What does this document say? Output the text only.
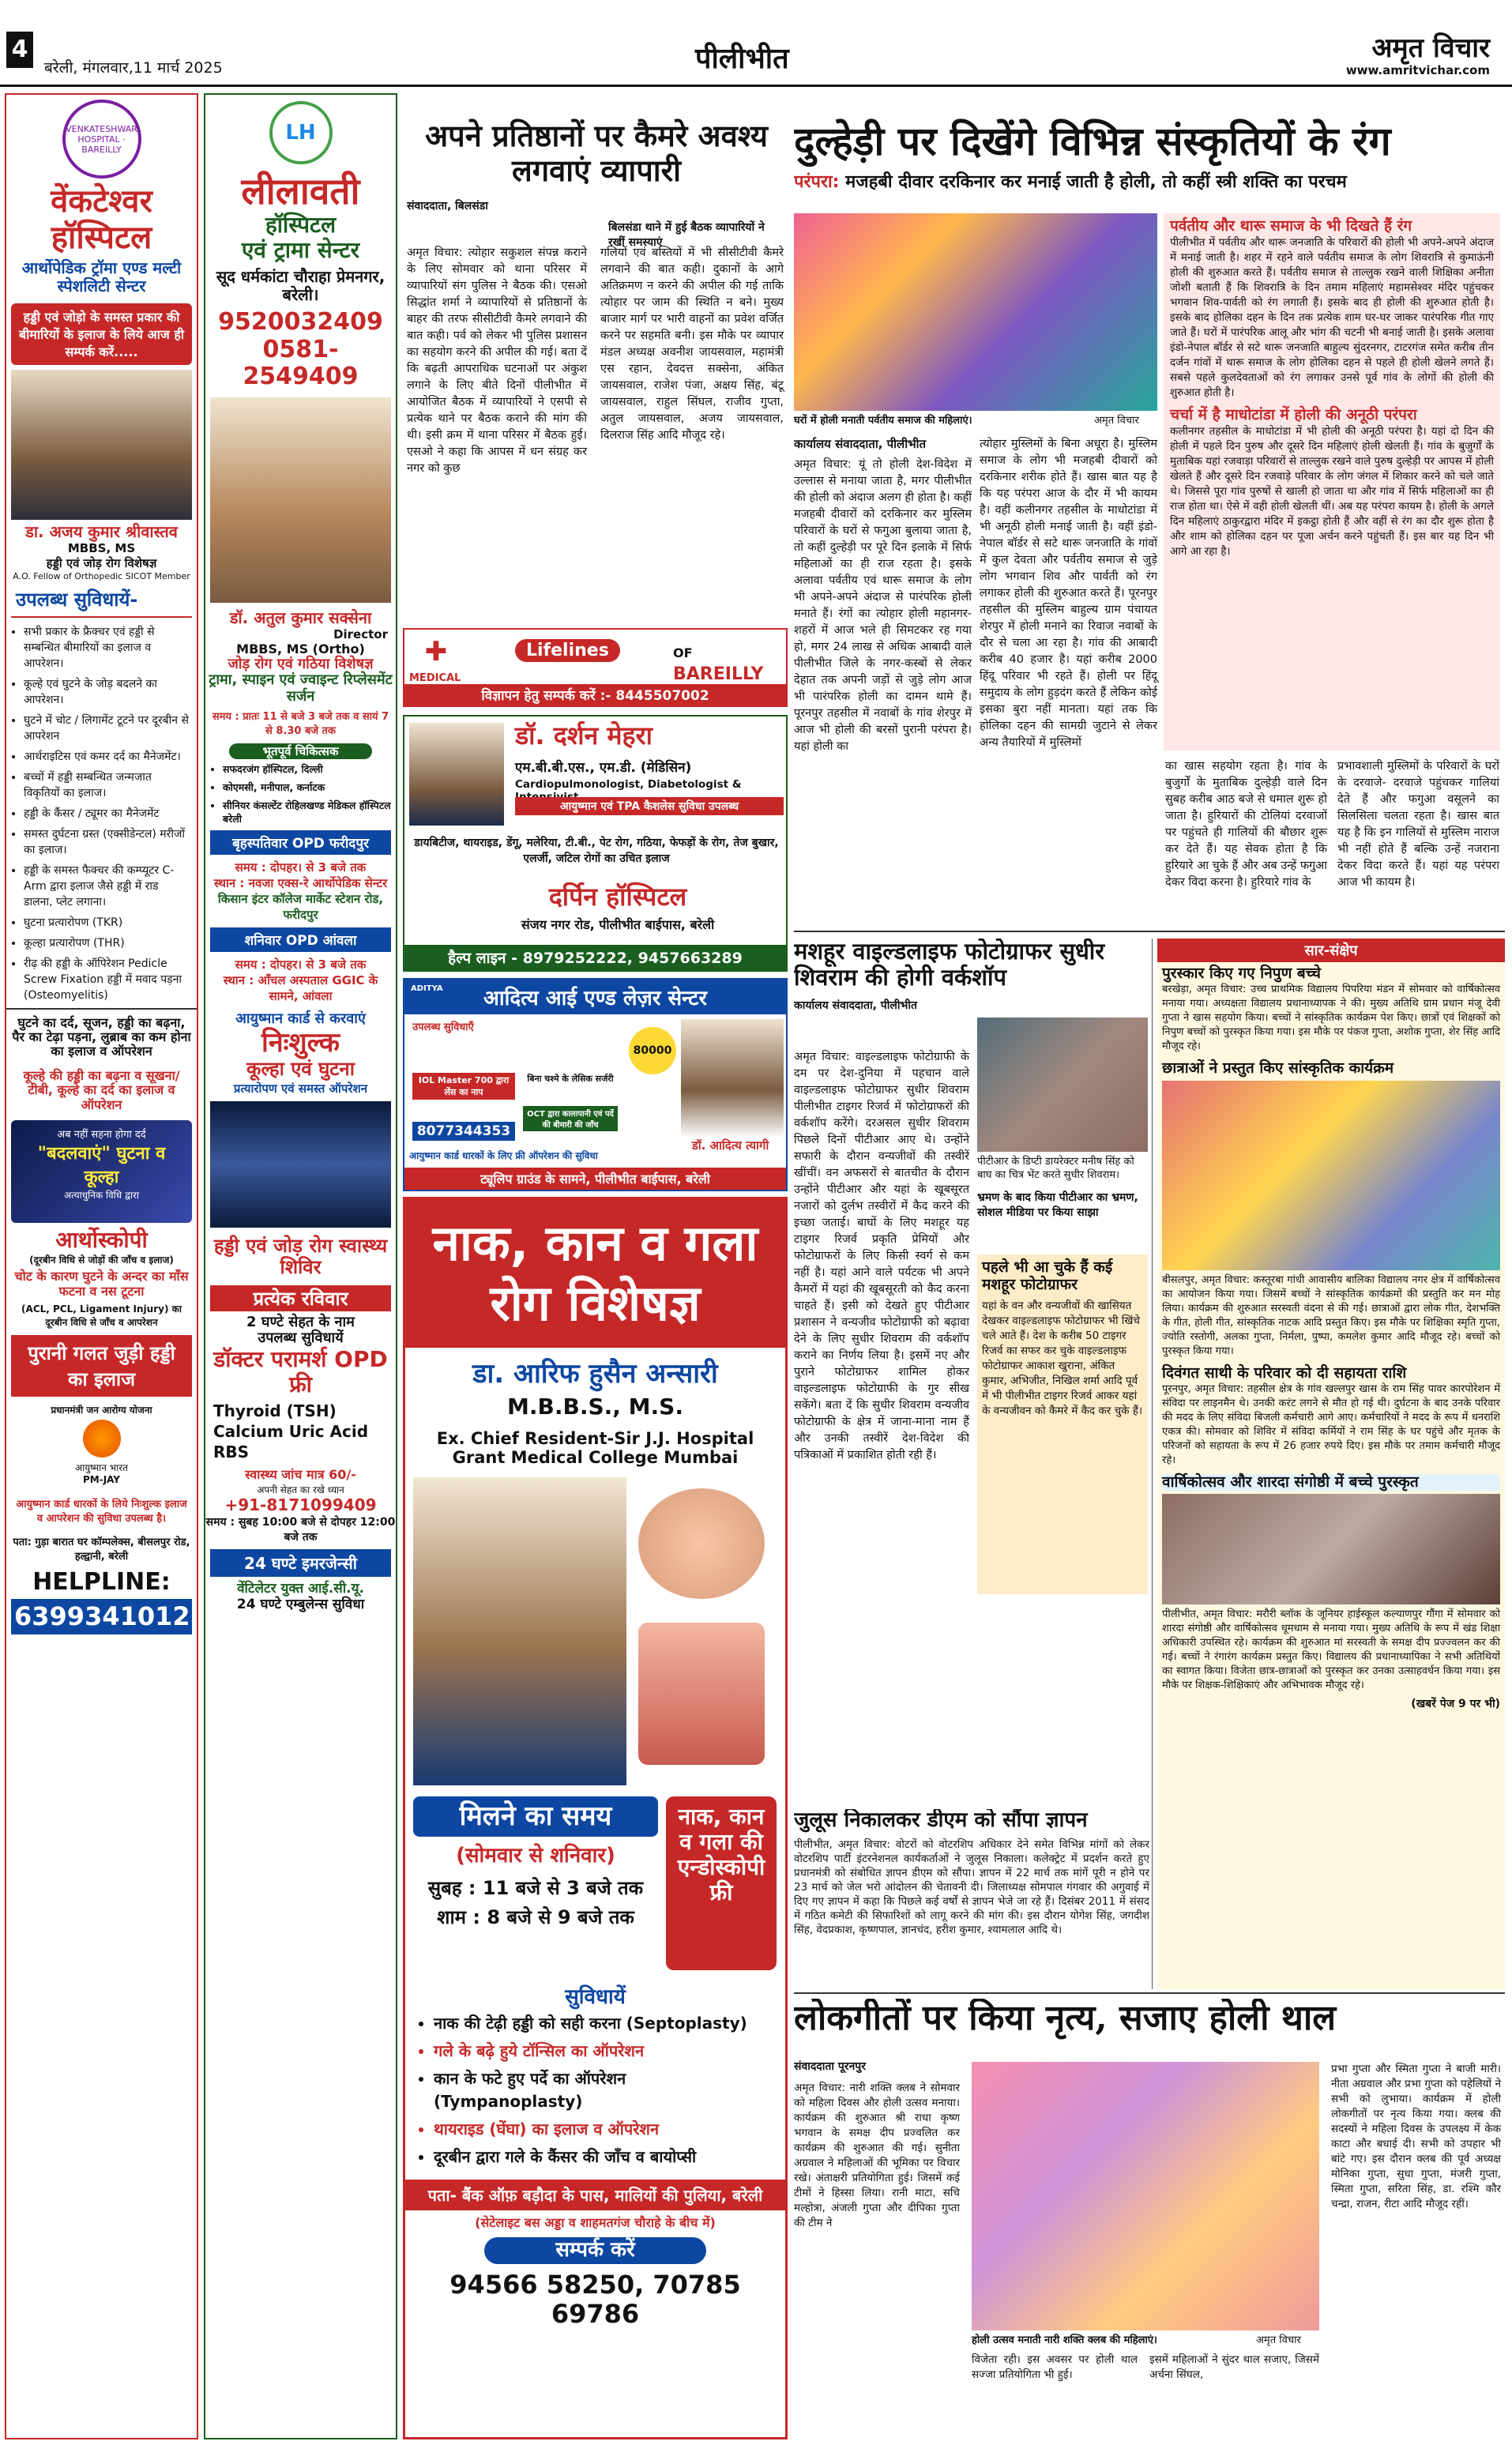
4
बरेली, मंगलवार,11 मार्च 2025	पीलीभीत	अमृत विचार
www.amritvichar.com
VENKATESHWAR HOSPITAL · BAREILLY
वेंकटेश्वर हॉस्पिटल
आर्थोपेडिक ट्रॉमा एण्ड मल्टी स्पेशलिटी सेन्टर
हड्डी एवं जोड़ो के समस्त प्रकार की बीमारियों के इलाज के लिये आज ही सम्पर्क करें.....
डा. अजय कुमार श्रीवास्तव
MBBS, MS
हड्डी एवं जोड़ रोग विशेषज्ञ
A.O. Fellow of Orthopedic SICOT Member
उपलब्ध सुविधायें-
• सभी प्रकार के फ्रैक्चर एवं हड्डी से सम्बन्धित बीमारियों का इलाज व आपरेशन।
• कूल्हे एवं घुटने के जोड़ बदलने का आपरेशन।
• घुटने में चोट / लिगामेंट टूटने पर दूरबीन से आपरेशन
• आर्थराइटिस एवं कमर दर्द का मैनेजमेंट।
• बच्चों में हड्डी सम्बन्धित जन्मजात विकृतियों का इलाज।
• हड्डी के कैंसर / ट्यूमर का मैनेजमेंट
• समस्त दुर्घटना ग्रस्त (एक्सीडेन्टल) मरीजों का इलाज।
• हड्डी के समस्त फैक्चर की कम्प्यूटर C-Arm द्वारा इलाज जैसे हड्डी में राड डालना, प्लेट लगाना।
• घुटना प्रत्यारोपण (TKR)
• कूल्हा प्रत्यारोपण (THR)
• रीढ़ की हड्डी के ऑपिरेशन Pedicle Screw Fixation हड्डी में मवाद पड़ना (Osteomyelitis)
घुटने का दर्द, सूजन, हड्डी का बढ़ना, पैर का टेढ़ा पड़ना, लुब्राब का कम होना का इलाज व ऑपरेशन
कूल्हे की हड्डी का बढ़ना व सूखना/ टीबी, कूल्हे का दर्द का इलाज व ऑपरेशन
अब नहीं सहना होगा दर्द
"बदलवाएं" घुटना व कूल्हा
अत्याधुनिक विधि द्वारा
आर्थोस्कोपी
(दूरबीन विधि से जोड़ों की जाँच व इलाज)
चोट के कारण घुटने के अन्दर का माँस फटना व नस टूटना
(ACL, PCL, Ligament Injury) का दूरबीन विधि से जाँच व आपरेशन
पुरानी गलत जुड़ी हड्डी का इलाज
प्रधानमंत्री जन आरोग्य योजना
आयुष्मान भारत
PM-JAY
आयुष्मान कार्ड धारकों के लिये निःशुल्क इलाज व आपरेशन की सुविधा उपलब्ध है।
पता: गुड़ा बारात घर कॉम्पलेक्स, बीसलपुर रोड, हल्द्वानी, बरेली
HELPLINE:
6399341012
LH
लीलावती
हॉस्पिटल
एवं ट्रामा सेन्टर
सूद धर्मकांटा चौराहा प्रेमनगर, बरेली।
9520032409
0581-2549409
डॉ. अतुल कुमार सक्सेना
Director
MBBS, MS (Ortho)
जोड़ रोग एवं गठिया विशेषज्ञ
ट्रामा, स्पाइन एवं ज्वाइन्ट रिप्लेसमेंट सर्जन
समय : प्रातः 11 से बजे 3 बजे तक व सायं 7 से 8.30 बजे तक
भूतपूर्व चिकित्सक
• सफदरजंग हॉस्पिटल, दिल्ली
• कोएमसी, मनीपाल, कर्नाटक
• सीनियर कंसल्टेंट रोहिलखण्ड मेडिकल हॉस्पिटल बरेली
बृहस्पतिवार OPD फरीदपुर
समय : दोपहर। से 3 बजे तक
स्थान : नवजा एक्स-रे आर्थोपेडिक सेन्टर
किसान इंटर कॉलेज मार्केट स्टेशन रोड, फरीदपुर
शनिवार OPD आंवला
समय : दोपहर। से 3 बजे तक
स्थान : आँचल अस्पताल GGIC के सामने, आंवला
आयुष्मान कार्ड से करवाएं
निःशुल्क
कूल्हा एवं घुटना
प्रत्यारोपण एवं समस्त ऑपरेशन
हड्डी एवं जोड़ रोग स्वास्थ्य शिविर
प्रत्येक रविवार
2 घण्टे सेहत के नाम
उपलब्ध सुविधायें
डॉक्टर परामर्श OPD फ्री
Thyroid (TSH) Calcium Uric Acid RBS
स्वास्थ्य जांच मात्र 60/-
अपनी सेहत का रखे ध्यान
+91-8171099409
समय : सुबह 10:00 बजे से दोपहर 12:00 बजे तक
24 घण्टे इमरजेन्सी
वेंटिलेटर युक्त आई.सी.यू.
24 घण्टे एम्बुलेन्स सुविधा
अपने प्रतिष्ठानों पर कैमरे अवश्य लगवाएं व्यापारी
संवाददाता, बिलसंडा
बिलसंडा थाने में हुई बैठक व्यापारियों ने रखीं समस्याएं
अमृत विचार: त्योहार सकुशल संपन्न कराने के लिए सोमवार को थाना परिसर में व्यापारियों संग पुलिस ने बैठक की। एसओ सिद्धांत शर्मा ने व्यापारियों से प्रतिष्ठानों के बाहर की तरफ सीसीटीवी कैमरे लगवाने की बात कही। पर्व को लेकर भी पुलिस प्रशासन का सहयोग करने की अपील की गई। बता दें कि बढ़ती आपराधिक घटनाओं पर अंकुश लगाने के लिए बीते दिनों पीलीभीत में आयोजित बैठक में व्यापारियों ने एसपी से प्रत्येक थाने पर बैठक कराने की मांग की थी। इसी क्रम में थाना परिसर में बैठक हुई। एसओ ने कहा कि आपस में धन संग्रह कर नगर को कुछ
गलियों एवं बस्तियों में भी सीसीटीवी कैमरे लगवाने की बात कही। दुकानों के आगे अतिक्रमण न करने की अपील की गई ताकि त्योहार पर जाम की स्थिति न बने। मुख्य बाजार मार्ग पर भारी वाहनों का प्रवेश वर्जित करने पर सहमति बनी। इस मौके पर व्यापार मंडल अध्यक्ष अवनीश जायसवाल, महामंत्री एस रहान, देवदत्त सक्सेना, अंकित जायसवाल, राजेश पंजा, अक्षय सिंह, बंटू जायसवाल, राहुल सिंघल, राजीव गुप्ता, अतुल जायसवाल, अजय जायसवाल, दिलराज सिंह आदि मौजूद रहे।
✚
MEDICAL
Lifelines	OF
BAREILLY
विज्ञापन हेतु सम्पर्क करें :- 8445507002
डॉ. दर्शन मेहरा
एम.बी.बी.एस., एम.डी. (मेडिसिन)
Cardiopulmonologist, Diabetologist &
आयुष्मान एवं TPA कैशलेस सुविधा उपलब्ध
डायबिटीज, थायराइड, डेंगू, मलेरिया, टी.बी., पेट रोग, गठिया, फेफड़ों के रोग, तेज बुखार, एलर्जी, जटिल रोगों का उचित इलाज
दर्पिन हॉस्पिटल
संजय नगर रोड, पीलीभीत बाईपास, बरेली
हैल्प लाइन - 8979252222, 9457663289
आदित्य आई एण्ड लेज़र सेन्टर
ADITYA
उपलब्ध सुविधाएँ
IOL Master 700 द्वारा लेंस का नाप
बिना चश्मे के लेसिक सर्जरी
OCT द्वारा कालापानी एवं पर्दे की बीमारी की जाँच
8077344353
80000
डॉ. आदित्य त्यागी
आयुष्मान कार्ड धारकों के लिए फ्री ऑपरेशन की सुविधा
ट्यूलिप ग्राउंड के सामने, पीलीभीत बाईपास, बरेली
नाक, कान व गला
रोग विशेषज्ञ
डा. आरिफ हुसैन अन्सारी
M.B.B.S., M.S.
Ex. Chief Resident-Sir J.J. Hospital Grant Medical College Mumbai
मिलने का समय
(सोमवार से शनिवार)
सुबह : 11 बजे से 3 बजे तक
शाम : 8 बजे से 9 बजे तक
नाक, कान व गला की एन्डोस्कोपी फ्री
सुविधायें
• नाक की टेढ़ी हड्डी को सही करना (Septoplasty)
• गले के बढ़े हुये टॉन्सिल का ऑपरेशन
• कान के फटे हुए पर्दे का ऑपरेशन (Tympanoplasty)
• थायराइड (घेंघा) का इलाज व ऑपरेशन
• दूरबीन द्वारा गले के कैंसर की जाँच व बायोप्सी
पता- बैंक ऑफ़ बड़ौदा के पास, मालियों की पुलिया, बरेली
(सेटेलाइट बस अड्डा व शाहमतगंज चौराहे के बीच में)
सम्पर्क करें
94566 58250, 70785 69786
दुल्हेड़ी पर दिखेंगे विभिन्न संस्कृतियों के रंग
परंपरा: मजहबी दीवार दरकिनार कर मनाई जाती है होली, तो कहीं स्त्री शक्ति का परचम
घरों में होली मनाती पर्वतीय समाज की महिलाएं।	अमृत विचार
कार्यालय संवाददाता, पीलीभीत
अमृत विचार: यूं तो होली देश-विदेश में उल्लास से मनाया जाता है, मगर पीलीभीत की होली को अंदाज अलग ही होता है। कहीं मजहबी दीवारों को दरकिनार कर मुस्लिम परिवारों के घरों से फगुआ बुलाया जाता है, तो कहीं दुल्हेड़ी पर पूरे दिन इलाके में सिर्फ महिलाओं का ही राज रहता है। इसके अलावा पर्वतीय एवं थारू समाज के लोग भी अपने-अपने अंदाज से पारंपरिक होली मनाते हैं। रंगों का त्योहार होली महानगर-शहरों में आज भले ही सिमटकर रह गया हो, मगर 24 लाख से अधिक आबादी वाले पीलीभीत जिले के नगर-कस्बों से लेकर देहात तक अपनी जड़ों से जुड़े लोग आज भी पारंपरिक होली का दामन थामे हैं। पूरनपुर तहसील में नवाबों के गांव शेरपुर में आज भी होली की बरसों पुरानी परंपरा है। यहां होली का
त्योहार मुस्लिमों के बिना अधूरा है। मुस्लिम समाज के लोग भी मजहबी दीवारों को दरकिनार शरीक होते हैं। खास बात यह है कि यह परंपरा आज के दौर में भी कायम है। वहीं कलीनगर तहसील के माधोटांडा में भी अनूठी होली मनाई जाती है। वहीं इंडो-नेपाल बॉर्डर से सटे थारू जनजाति के गांवों में कुल देवता और पर्वतीय समाज से जुड़े लोग भगवान शिव और पार्वती को रंग लगाकर होली की शुरुआत करते हैं। पूरनपुर तहसील की मुस्लिम बाहुल्य ग्राम पंचायत शेरपुर में होली मनाने का रिवाज नवाबों के दौर से चला आ रहा है। गांव की आबादी करीब 40 हजार है। यहां करीब 2000 हिंदू परिवार भी रहते हैं। होली पर हिंदू समुदाय के लोग हुड़दंग करते हैं लेकिन कोई इसका बुरा नहीं मानता। यहां तक कि होलिका दहन की सामग्री जुटाने से लेकर अन्य तैयारियों में मुस्लिमों
का खास सहयोग रहता है। गांव के बुजुर्गों के मुताबिक दुल्हेड़ी वाले दिन सुबह करीब आठ बजे से धमाल शुरू हो जाता है। हुरियारों की टोलियां दरवाजों पर पहुंचते ही गालियों की बौछार शुरू कर देते हैं। यह सेवक होता है कि हुरियारे आ चुके हैं और अब उन्हें फगुआ देकर विदा करना है। हुरियारे गांव के
प्रभावशाली मुस्लिमों के परिवारों के घरों के दरवाजे- दरवाजे पहुंचकर गालियां देते हैं और फगुआ वसूलने का सिलसिला चलता रहता है। खास बात यह है कि इन गालियों से मुस्लिम नाराज भी नहीं होते हैं बल्कि उन्हें नजराना देकर विदा करते हैं। यहां यह परंपरा आज भी कायम है।
पर्वतीय और थारू समाज के भी दिखते हैं रंग
पीलीभीत में पर्वतीय और थारू जनजाति के परिवारों की होली भी अपने-अपने अंदाज में मनाई जाती है। शहर में रहने वाले पर्वतीय समाज के लोग शिवरात्रि से कुमाऊंनी होली की शुरुआत करते हैं। पर्वतीय समाज से ताल्लुक रखने वाली शिक्षिका अनीता जोशी बताती हैं कि शिवरात्रि के दिन तमाम महिलाएं महामसेश्वर मंदिर पहुंचकर भगवान शिव-पार्वती को रंग लगाती हैं। इसके बाद ही होली की शुरुआत होती है। इसके बाद होलिका दहन के दिन तक प्रत्येक शाम घर-घर जाकर पारंपरिक गीत गाए जाते हैं। घरों में पारंपरिक आलू और भांग की चटनी भी बनाई जाती है। इसके अलावा इंडो-नेपाल बॉर्डर से सटे थारू जनजाति बाहुल्य सुंदरनगर, टाटरगंज समेत करीब तीन दर्जन गांवों में थारू समाज के लोग होलिका दहन से पहले ही होली खेलने लगते हैं। सबसे पहले कुलदेवताओं को रंग लगाकर उनसे पूर्व गांव के लोगों की होली की शुरुआत होती है।
चर्चा में है माधोटांडा में होली की अनूठी परंपरा
कलीनगर तहसील के माधोटांडा में भी होली की अनूठी परंपरा है। यहां दो दिन की होली में पहले दिन पुरुष और दूसरे दिन महिलाएं होली खेलती हैं। गांव के बुजुर्गों के मुताबिक यहां रजवाड़ा परिवारों से ताल्लुक रखने वाले पुरुष दुल्हेड़ी पर आपस में होली खेलते हैं और दूसरे दिन रजवाड़े परिवार के लोग जंगल में शिकार करने को चले जाते थे। जिससे पूरा गांव पुरुषों से खाली हो जाता था और गांव में सिर्फ महिलाओं का ही राज होता था। ऐसे में वही होली खेलती थीं। अब यह परंपरा कायम है। होली के अगले दिन महिलाएं ठाकुरद्वारा मंदिर में इकट्ठा होती हैं और वहीं से रंग का दौर शुरू होता है और शाम को होलिका दहन पर पूजा अर्चन करने पहुंचती हैं। इस बार यह दिन भी आगे आ रहा है।
मशहूर वाइल्डलाइफ फोटोग्राफर सुधीर शिवराम की होगी वर्कशॉप
कार्यालय संवाददाता, पीलीभीत
अमृत विचार: वाइल्डलाइफ फोटोग्राफी के दम पर देश-दुनिया में पहचान वाले वाइल्डलाइफ फोटोग्राफर सुधीर शिवराम पीलीभीत टाइगर रिजर्व में फोटोग्राफरों की वर्कशॉप करेंगे। दरअसल सुधीर शिवराम पिछले दिनों पीटीआर आए थे। उन्होंने सफारी के दौरान वन्यजीवों की तस्वीरें खींचीं। वन अफसरों से बातचीत के दौरान उन्होंने पीटीआर और यहां के खूबसूरत नजारों को दुर्लभ तस्वीरों में कैद करने की इच्छा जताई। बाघों के लिए मशहूर यह टाइगर रिजर्व प्रकृति प्रेमियों और फोटोग्राफरों के लिए किसी स्वर्ग से कम नहीं है। यहां आने वाले पर्यटक भी अपने कैमरों में यहां की खूबसूरती को कैद करना चाहते हैं। इसी को देखते हुए पीटीआर प्रशासन ने वन्यजीव फोटोग्राफी को बढ़ावा देने के लिए सुधीर शिवराम की वर्कशॉप कराने का निर्णय लिया है। इसमें नए और पुराने फोटोग्राफर शामिल होकर वाइल्डलाइफ फोटोग्राफी के गुर सीख सकेंगे। बता दें कि सुधीर शिवराम वन्यजीव फोटोग्राफी के क्षेत्र में जाना-माना नाम हैं और उनकी तस्वीरें देश-विदेश की पत्रिकाओं में प्रकाशित होती रही हैं।
पीटीआर के डिप्टी डायरेक्टर मनीष सिंह को बाघ का चित्र भेंट करते सुधीर शिवराम।
भ्रमण के बाद किया पीटीआर का भ्रमण, सोशल मीडिया पर किया साझा
पहले भी आ चुके हैं कई मशहूर फोटोग्राफर
यहां के वन और वन्यजीवों की खासियत देखकर वाइल्डलाइफ फोटोग्राफर भी खिंचे चले आते हैं। देश के करीब 50 टाइगर रिजर्व का सफर कर चुके वाइल्डलाइफ फोटोग्राफर आकाश खुराना, अंकित कुमार, अभिजीत, निखिल शर्मा आदि पूर्व में भी पीलीभीत टाइगर रिजर्व आकर यहां के वन्यजीवन को कैमरे में कैद कर चुके हैं।
जुलूस निकालकर डीएम को सौंपा ज्ञापन
पीलीभीत, अमृत विचार: वोटरों को वोटरशिप अधिकार देने समेत विभिन्न मांगों को लेकर वोटरशिप पार्टी इंटरनेशनल कार्यकर्ताओं ने जुलूस निकाला। कलेक्ट्रेट में प्रदर्शन करते हुए प्रधानमंत्री को संबोधित ज्ञापन डीएम को सौंपा। ज्ञापन में 22 मार्च तक मांगें पूरी न होने पर 23 मार्च को जेल भरो आंदोलन की चेतावनी दी। जिलाध्यक्ष सोमपाल गंगवार की अगुवाई में दिए गए ज्ञापन में कहा कि पिछले कई वर्षों से ज्ञापन भेजे जा रहे हैं। दिसंबर 2011 में संसद में गठित कमेटी की सिफारिशों को लागू करने की मांग की। इस दौरान योगेश सिंह, जगदीश सिंह, वेदप्रकाश, कृष्णपाल, ज्ञानचंद, हरीश कुमार, श्यामलाल आदि थे।
सार-संक्षेप
पुरस्कार किए गए निपुण बच्चे
बरखेड़ा, अमृत विचार: उच्च प्राथमिक विद्यालय पिपरिया मंडन में सोमवार को वार्षिकोत्सव मनाया गया। अध्यक्षता विद्यालय प्रधानाध्यापक ने की। मुख्य अतिथि ग्राम प्रधान मंजू देवी गुप्ता ने खास सहयोग किया। बच्चों ने सांस्कृतिक कार्यक्रम पेश किए। छात्रों एवं शिक्षकों को निपुण बच्चों को पुरस्कृत किया गया। इस मौके पर पंकज गुप्ता, अशोक गुप्ता, शेर सिंह आदि मौजूद रहे।
छात्राओं ने प्रस्तुत किए सांस्कृतिक कार्यक्रम
बीसलपुर, अमृत विचार: कस्तूरबा गांधी आवासीय बालिका विद्यालय नगर क्षेत्र में वार्षिकोत्सव का आयोजन किया गया। जिसमें बच्चों ने सांस्कृतिक कार्यक्रमों की प्रस्तुति कर मन मोह लिया। कार्यक्रम की शुरुआत सरस्वती वंदना से की गई। छात्राओं द्वारा लोक गीत, देशभक्ति के गीत, होली गीत, सांस्कृतिक नाटक आदि प्रस्तुत किए। इस मौके पर शिक्षिका स्मृति गुप्ता, ज्योति रस्तोगी, अलका गुप्ता, निर्मला, पुष्पा, कमलेश कुमार आदि मौजूद रहे। बच्चों को पुरस्कृत किया गया।
दिवंगत साथी के परिवार को दी सहायता राशि
पूरनपुर, अमृत विचार: तहसील क्षेत्र के गांव खल्लपुर खास के राम सिंह पावर कारपोरेशन में संविदा पर लाइनमैन थे। उनकी करंट लगने से मौत हो गई थी। दुर्घटना के बाद उनके परिवार की मदद के लिए संविदा बिजली कर्मचारी आगे आए। कर्मचारियों ने मदद के रूप में धनराशि एकत्र की। सोमवार को शिविर में संविदा कर्मियों ने राम सिंह के घर पहुंचे और मृतक के परिजनों को सहायता के रूप में 26 हजार रुपये दिए। इस मौके पर तमाम कर्मचारी मौजूद रहे।
वार्षिकोत्सव और शारदा संगोष्ठी में बच्चे पुरस्कृत
पीलीभीत, अमृत विचार: मरौरी ब्लॉक के जूनियर हाईस्कूल कल्याणपुर गौंगा में सोमवार को शारदा संगोष्ठी और वार्षिकोत्सव धूमधाम से मनाया गया। मुख्य अतिथि के रूप में खंड शिक्षा अधिकारी उपस्थित रहे। कार्यक्रम की शुरुआत मां सरस्वती के समक्ष दीप प्रज्ज्वलन कर की गई। बच्चों ने रंगारंग कार्यक्रम प्रस्तुत किए। विद्यालय की प्रधानाध्यापिका ने सभी अतिथियों का स्वागत किया। विजेता छात्र-छात्राओं को पुरस्कृत कर उनका उत्साहवर्धन किया गया। इस मौके पर शिक्षक-शिक्षिकाएं और अभिभावक मौजूद रहे।
(खबरें पेज 9 पर भी)
लोकगीतों पर किया नृत्य, सजाए होली थाल
संवाददाता पूरनपुर
अमृत विचार: नारी शक्ति क्लब ने सोमवार को महिला दिवस और होली उत्सव मनाया। कार्यक्रम की शुरुआत श्री राधा कृष्ण भगवान के समक्ष दीप प्रज्वलित कर कार्यक्रम की शुरुआत की गई। सुनीता अग्रवाल ने महिलाओं की भूमिका पर विचार रखे। अंताक्षरी प्रतियोगिता हुई। जिसमें कई टीमों ने हिस्सा लिया। रानी माटा, सचि मल्होत्रा, अंजली गुप्ता और दीपिका गुप्ता की टीम ने
होली उत्सव मनाती नारी शक्ति क्लब की महिलाएं।	अमृत विचार
विजेता रही। इस अवसर पर होली थाल सज्जा प्रतियोगिता भी हुई।
इसमें महिलाओं ने सुंदर थाल सजाए, जिसमें अर्चना सिंघल,
प्रभा गुप्ता और स्मिता गुप्ता ने बाजी मारी। नीता अग्रवाल और प्रभा गुप्ता को पहेलियों ने सभी को लुभाया। कार्यक्रम में होली लोकगीतों पर नृत्य किया गया। क्लब की सदस्यों ने महिला दिवस के उपलक्ष्य में केक काटा और बधाई दी। सभी को उपहार भी बांटे गए। इस दौरान क्लब की पूर्व अध्यक्ष मोनिका गुप्ता, सुधा गुप्ता, मंजरी गुप्ता, स्मिता गुप्ता, सरिता सिंह, डा. रश्मि कौर चन्द्रा, राजन, रीटा आदि मौजूद रहीं।
